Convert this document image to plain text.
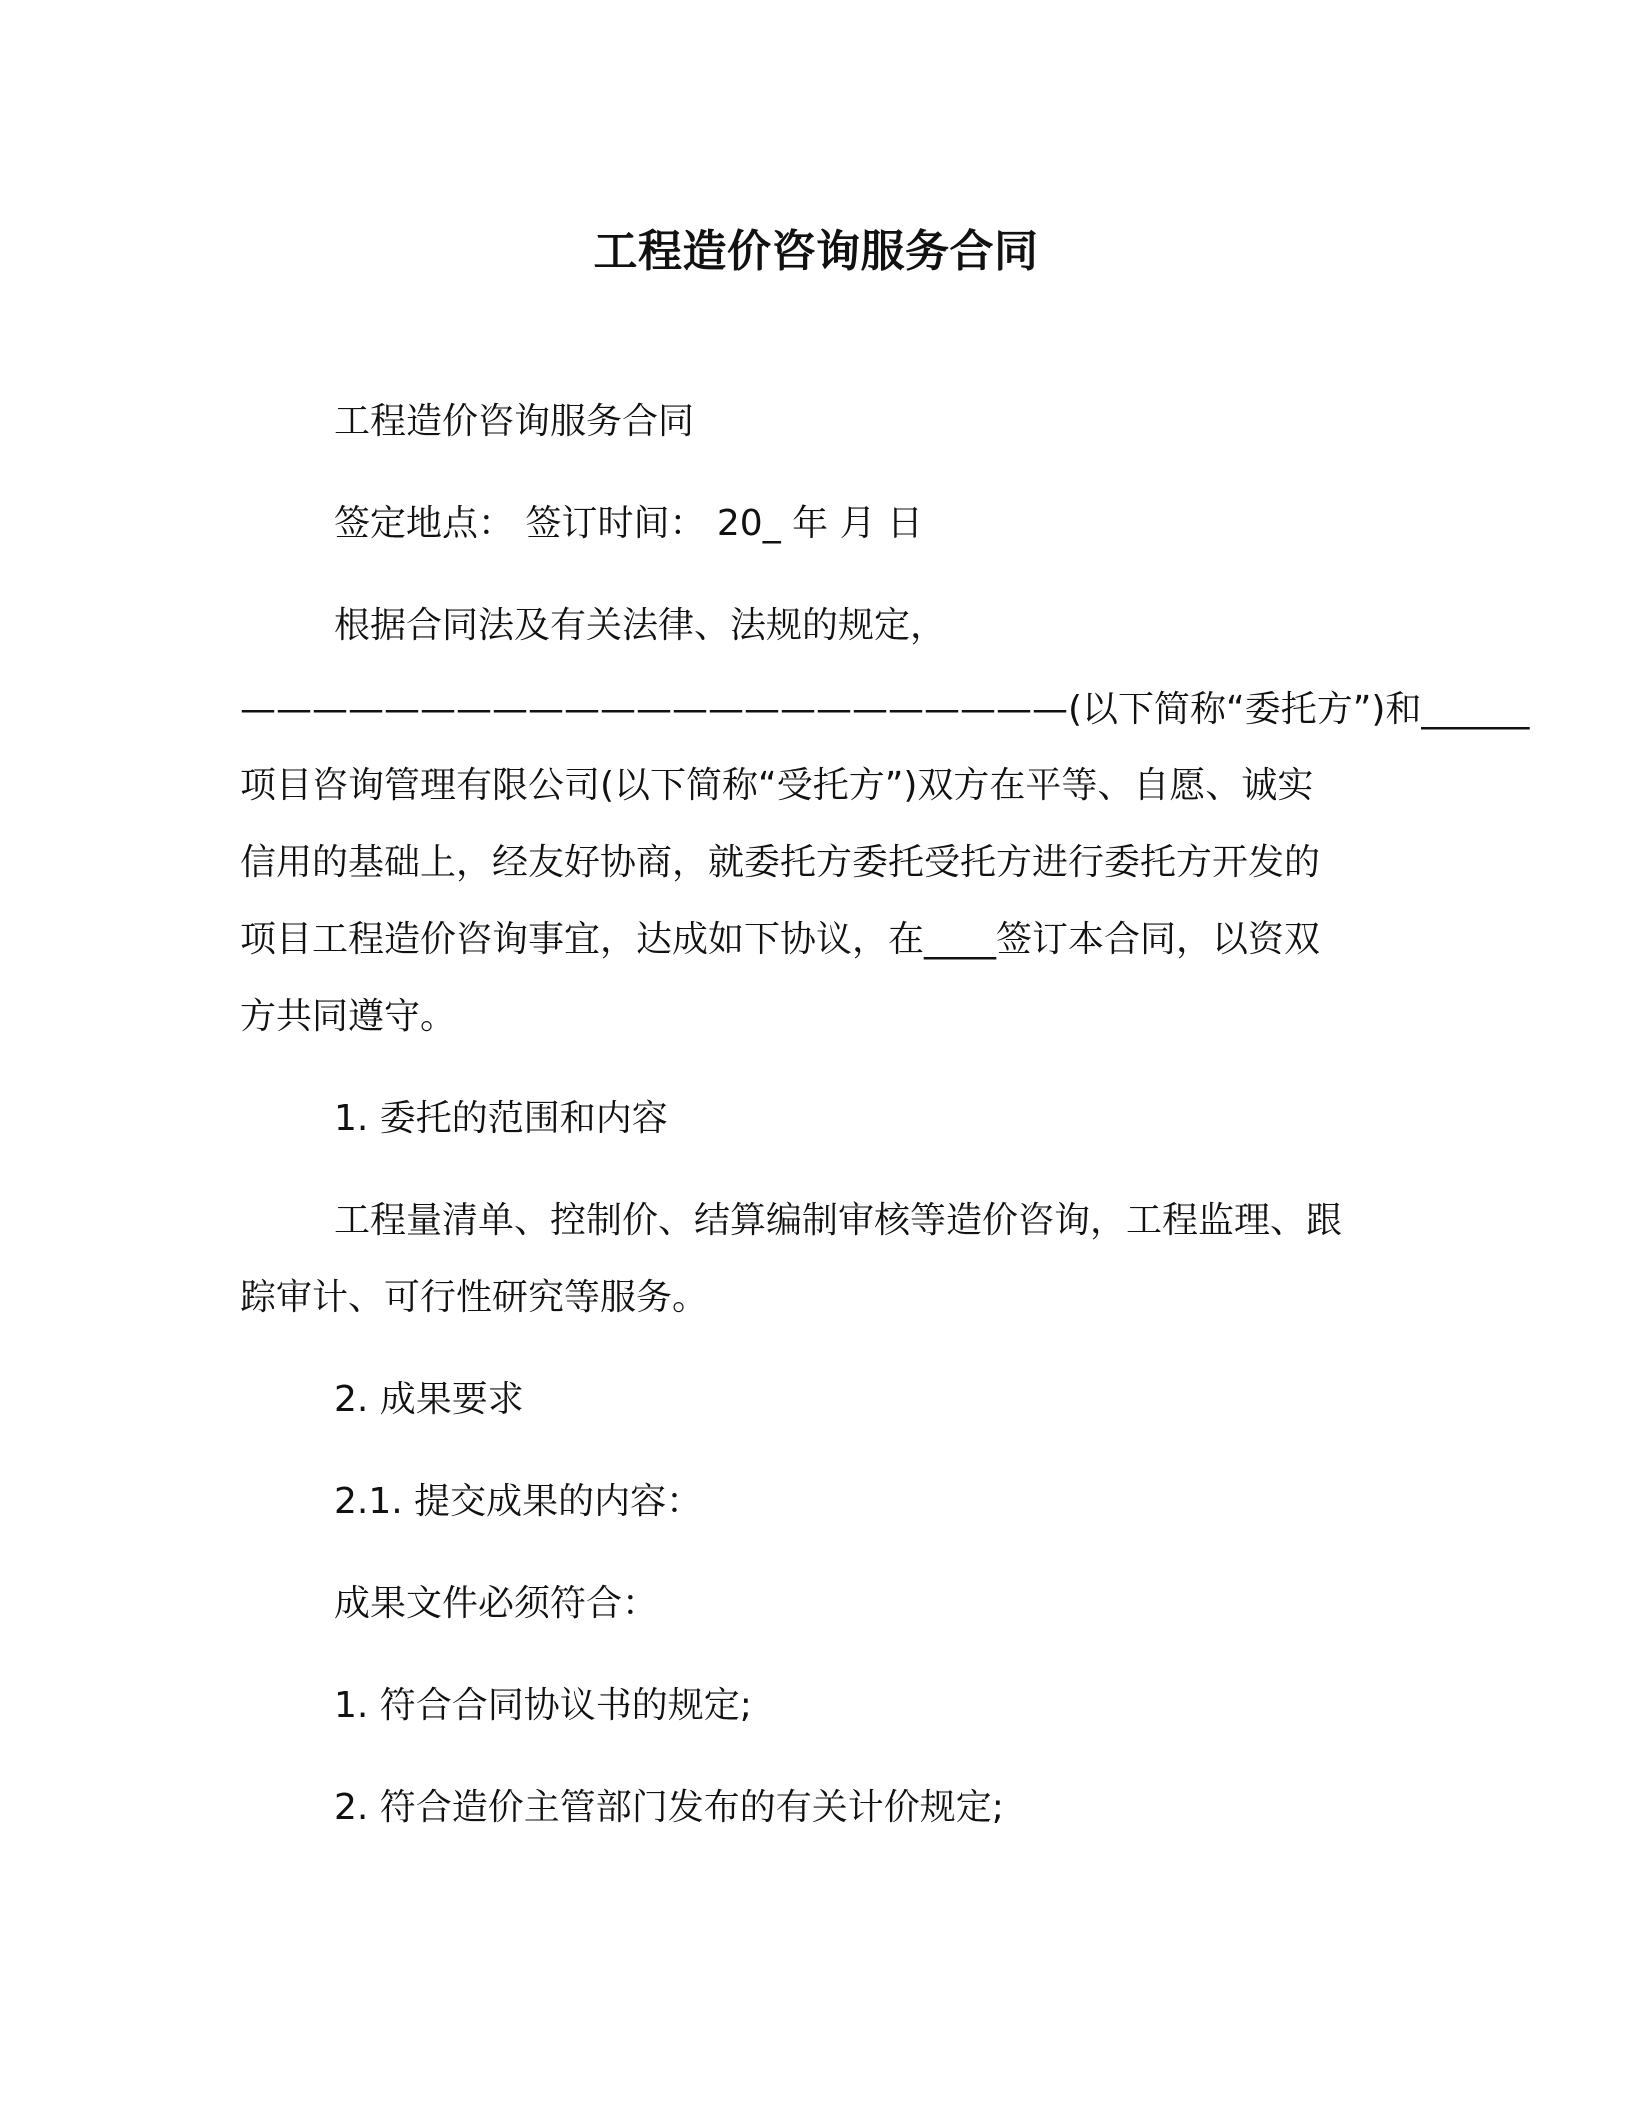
工程造价咨询服务合同
工程造价咨询服务合同
签定地点： 签订时间： 20_ 年 月 日
根据合同法及有关法律、法规的规定，
———————————————————————(以下简称“委托方”)和______
项目咨询管理有限公司(以下简称“受托方”)双方在平等、自愿、诚实
信用的基础上，经友好协商，就委托方委托受托方进行委托方开发的
项目工程造价咨询事宜，达成如下协议，在____签订本合同，以资双
方共同遵守。
1. 委托的范围和内容
工程量清单、控制价、结算编制审核等造价咨询，工程监理、跟
踪审计、可行性研究等服务。
2. 成果要求
2.1. 提交成果的内容：
成果文件必须符合：
1. 符合合同协议书的规定;
2. 符合造价主管部门发布的有关计价规定;
